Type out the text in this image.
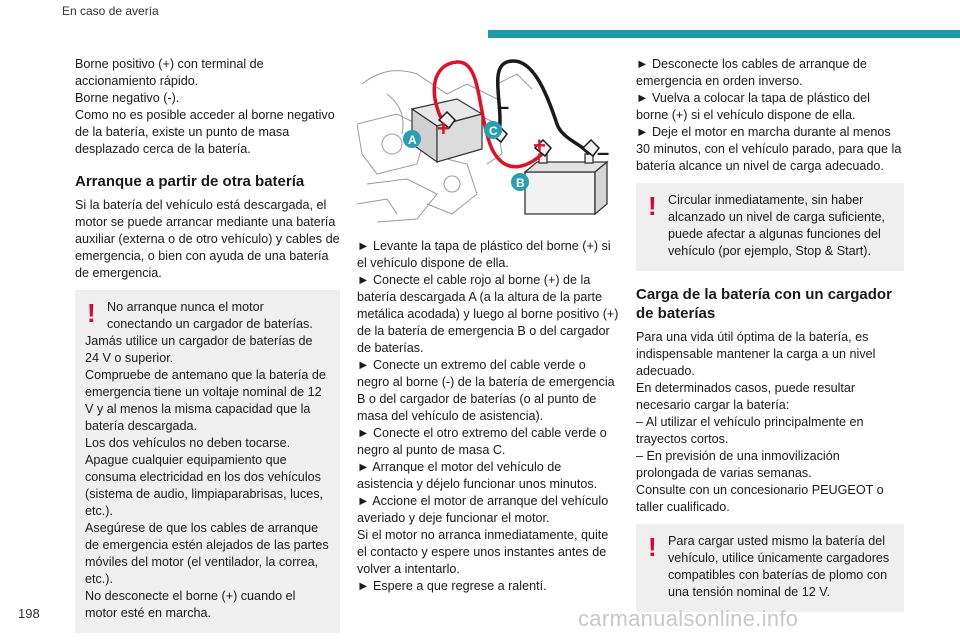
En caso de avería

Borne positivo (+) con terminal de accionamiento rápido.

Borne negativo (-).

Como no es posible acceder al borne negativo de la batería, existe un punto de masa desplazado cerca de la batería.

Arranque a partir de otra batería

Si la batería del vehículo está descargada, el motor se puede arrancar mediante una batería auxiliar (externa o de otro vehículo) y cables de emergencia, o bien con ayuda de una batería de emergencia.

! No arranque nunca el motor conectando un cargador de baterías.

Jamás utilice un cargador de baterías de 24 V o superior.

Compruebe de antemano que la batería de emergencia tiene un voltaje nominal de 12 V y al menos la misma capacidad que la batería descargada.

Los dos vehículos no deben tocarse.

Apague cualquier equipamiento que consuma electricidad en los dos vehículos (sistema de audio, limpiaparabrisas, luces, etc.).

Asegúrese de que los cables de arranque de emergencia estén alejados de las partes móviles del motor (el ventilador, la correa, etc.).

No desconecte el borne (+) cuando el motor esté en marcha.

+
+
–
–
A
C
B

► Levante la tapa de plástico del borne (+) si el vehículo dispone de ella.

► Conecte el cable rojo al borne (+) de la batería descargada A (a la altura de la parte metálica acodada) y luego al borne positivo (+) de la batería de emergencia B o del cargador de baterías.

► Conecte un extremo del cable verde o negro al borne (-) de la batería de emergencia B o del cargador de baterías (o al punto de masa del vehículo de asistencia).

► Conecte el otro extremo del cable verde o negro al punto de masa C.

► Arranque el motor del vehículo de asistencia y déjelo funcionar unos minutos.

► Accione el motor de arranque del vehículo averiado y deje funcionar el motor.

Si el motor no arranca inmediatamente, quite el contacto y espere unos instantes antes de volver a intentarlo.

► Espere a que regrese a ralentí.

► Desconecte los cables de arranque de emergencia en orden inverso.

► Vuelva a colocar la tapa de plástico del borne (+) si el vehículo dispone de ella.

► Deje el motor en marcha durante al menos 30 minutos, con el vehículo parado, para que la batería alcance un nivel de carga adecuado.

! Circular inmediatamente, sin haber alcanzado un nivel de carga suficiente, puede afectar a algunas funciones del vehículo (por ejemplo, Stop & Start).

Carga de la batería con un cargador de baterías

Para una vida útil óptima de la batería, es indispensable mantener la carga a un nivel adecuado.

En determinados casos, puede resultar necesario cargar la batería:

– Al utilizar el vehículo principalmente en trayectos cortos.

– En previsión de una inmovilización prolongada de varias semanas.

Consulte con un concesionario PEUGEOT o taller cualificado.

! Para cargar usted mismo la batería del vehículo, utilice únicamente cargadores compatibles con baterías de plomo con una tensión nominal de 12 V.

198	carmanualsonline.info
